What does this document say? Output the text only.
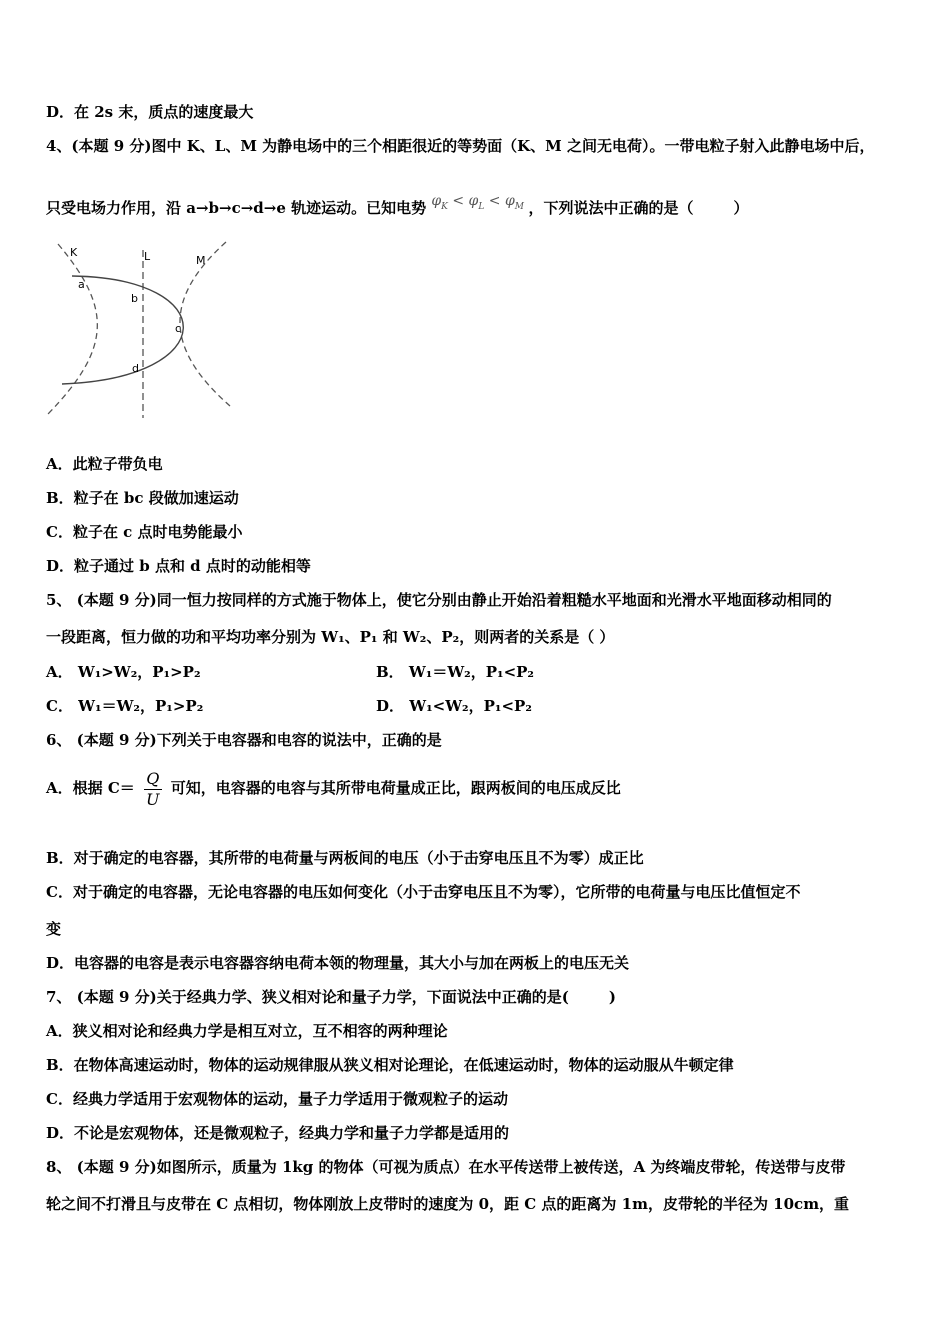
D．在 2s 末，质点的速度最大
4、(本题 9 分)图中 K、L、M 为静电场中的三个相距很近的等势面（K、M 之间无电荷）。一带电粒子射入此静电场中后，
只受电场力作用，沿 a→b→c→d→e 轨迹运动。已知电势 $\varphi_K < \varphi_L < \varphi_M$ ，下列说法中正确的是（	）
K	L	M
a
b
c
d
A．此粒子带负电
B．粒子在 bc 段做加速运动
C．粒子在 c 点时电势能最小
D．粒子通过 b 点和 d 点时的动能相等
5、 (本题 9 分)同一恒力按同样的方式施于物体上，使它分别由静止开始沿着粗糙水平地面和光滑水平地面移动相同的
一段距离，恒力做的功和平均功率分别为 W₁、P₁ 和 W₂、P₂，则两者的关系是（ ）
A． W₁>W₂，P₁>P₂	B． W₁＝W₂，P₁<P₂
C． W₁＝W₂，P₁>P₂	D． W₁<W₂，P₁<P₂
6、 (本题 9 分)下列关于电容器和电容的说法中，正确的是
A．根据 $C= \frac{Q}{U}$ 可知，电容器的电容与其所带电荷量成正比，跟两板间的电压成反比
B．对于确定的电容器，其所带的电荷量与两板间的电压（小于击穿电压且不为零）成正比
C．对于确定的电容器，无论电容器的电压如何变化（小于击穿电压且不为零），它所带的电荷量与电压比值恒定不
变
D．电容器的电容是表示电容器容纳电荷本领的物理量，其大小与加在两板上的电压无关
7、 (本题 9 分)关于经典力学、狭义相对论和量子力学，下面说法中正确的是(	)
A．狭义相对论和经典力学是相互对立，互不相容的两种理论
B．在物体高速运动时，物体的运动规律服从狭义相对论理论，在低速运动时，物体的运动服从牛顿定律
C．经典力学适用于宏观物体的运动，量子力学适用于微观粒子的运动
D．不论是宏观物体，还是微观粒子，经典力学和量子力学都是适用的
8、 (本题 9 分)如图所示，质量为 1kg 的物体（可视为质点）在水平传送带上被传送，A 为终端皮带轮，传送带与皮带
轮之间不打滑且与皮带在 C 点相切，物体刚放上皮带时的速度为 0，距 C 点的距离为 1m，皮带轮的半径为 10cm，重
